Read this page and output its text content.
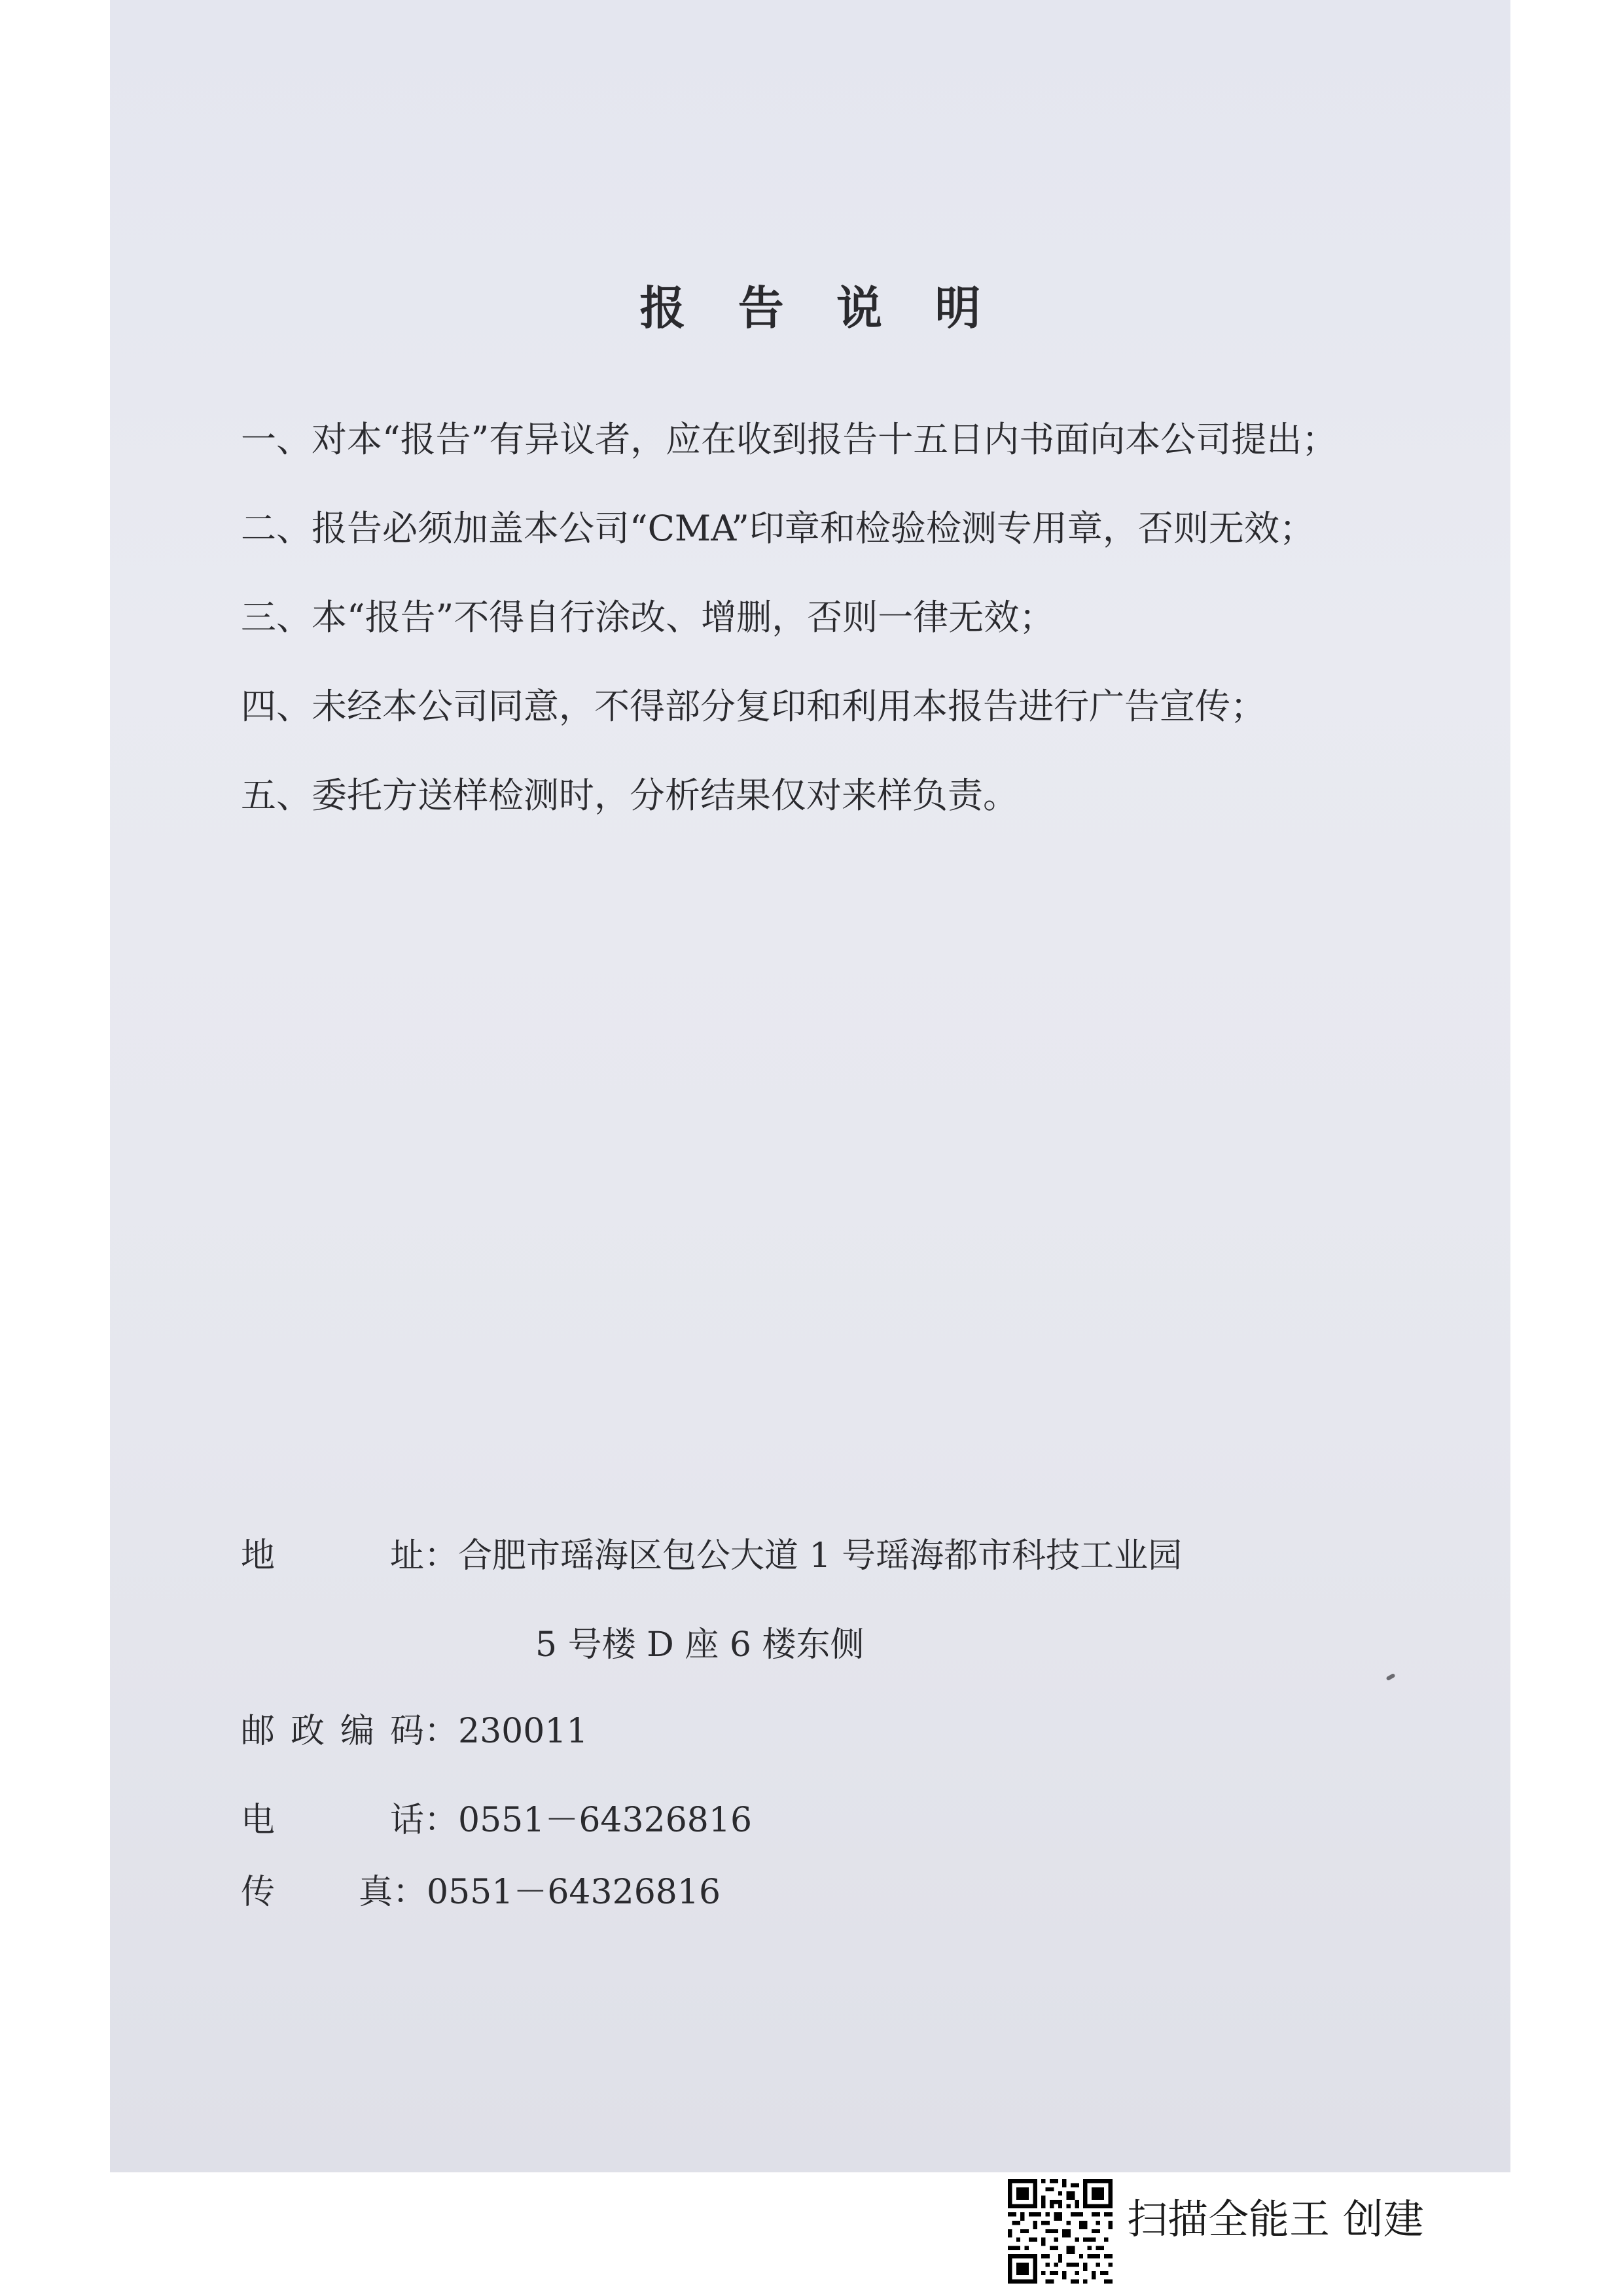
报 告 说 明
一、对本“报告”有异议者，应在收到报告十五日内书面向本公司提出；
二、报告必须加盖本公司“CMA”印章和检验检测专用章，否则无效；
三、本“报告”不得自行涂改、增删，否则一律无效；
四、未经本公司同意，不得部分复印和利用本报告进行广告宣传；
五、委托方送样检测时，分析结果仅对来样负责。
地址：合肥市瑶海区包公大道 1 号瑶海都市科技工业园
5 号楼 D 座 6 楼东侧
邮政编码：230011
电话：0551－64326816
传真：0551－64326816
扫描全能王 创建
